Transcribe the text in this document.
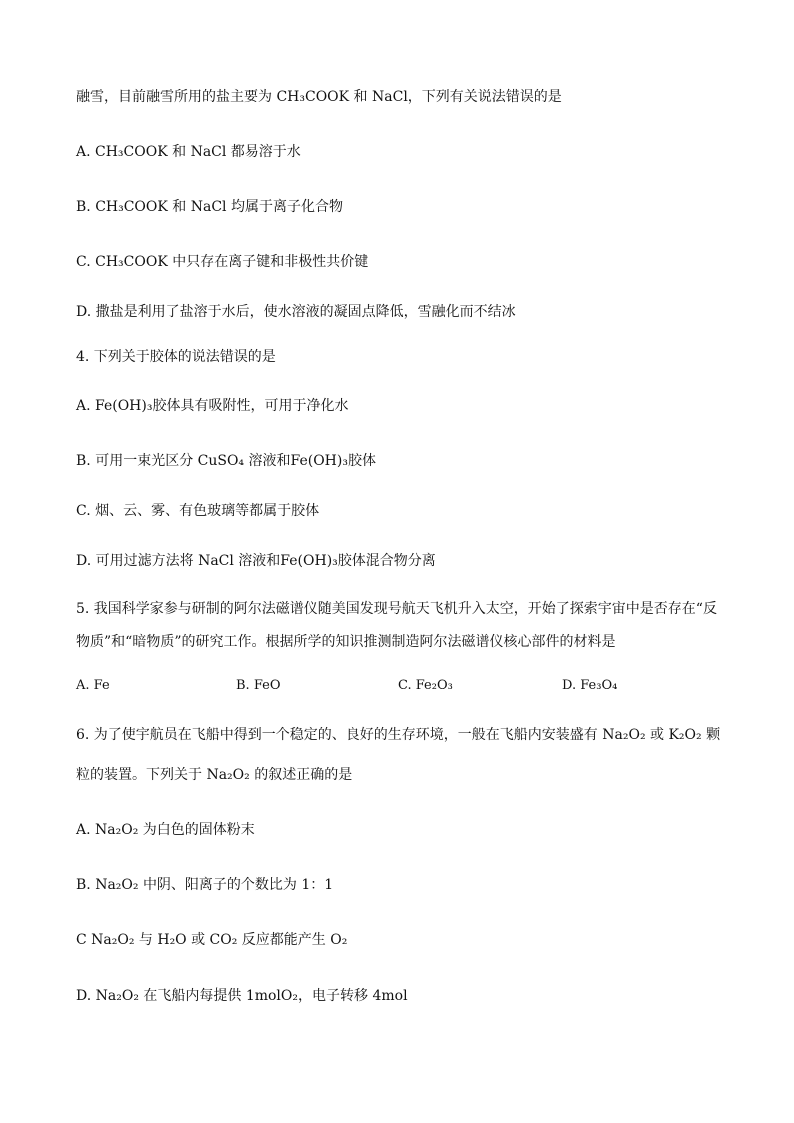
融雪，目前融雪所用的盐主要为 CH₃COOK 和 NaCl，下列有关说法错误的是
A. CH₃COOK 和 NaCl 都易溶于水
B. CH₃COOK 和 NaCl 均属于离子化合物
C. CH₃COOK 中只存在离子键和非极性共价键
D. 撒盐是利用了盐溶于水后，使水溶液的凝固点降低，雪融化而不结冰
4. 下列关于胶体的说法错误的是
A. Fe(OH)₃胶体具有吸附性，可用于净化水
B. 可用一束光区分 CuSO₄ 溶液和Fe(OH)₃胶体
C. 烟、云、雾、有色玻璃等都属于胶体
D. 可用过滤方法将 NaCl 溶液和Fe(OH)₃胶体混合物分离
5. 我国科学家参与研制的阿尔法磁谱仪随美国发现号航天飞机升入太空，开始了探索宇宙中是否存在“反
物质”和“暗物质”的研究工作。根据所学的知识推测制造阿尔法磁谱仪核心部件的材料是
A. Fe	B. FeO	C. Fe₂O₃	D. Fe₃O₄
6. 为了使宇航员在飞船中得到一个稳定的、良好的生存环境，一般在飞船内安装盛有 Na₂O₂ 或 K₂O₂ 颗
粒的装置。下列关于 Na₂O₂ 的叙述正确的是
A. Na₂O₂ 为白色的固体粉末
B. Na₂O₂ 中阴、阳离子的个数比为 1：1
C Na₂O₂ 与 H₂O 或 CO₂ 反应都能产生 O₂
D. Na₂O₂ 在飞船内每提供 1molO₂，电子转移 4mol
